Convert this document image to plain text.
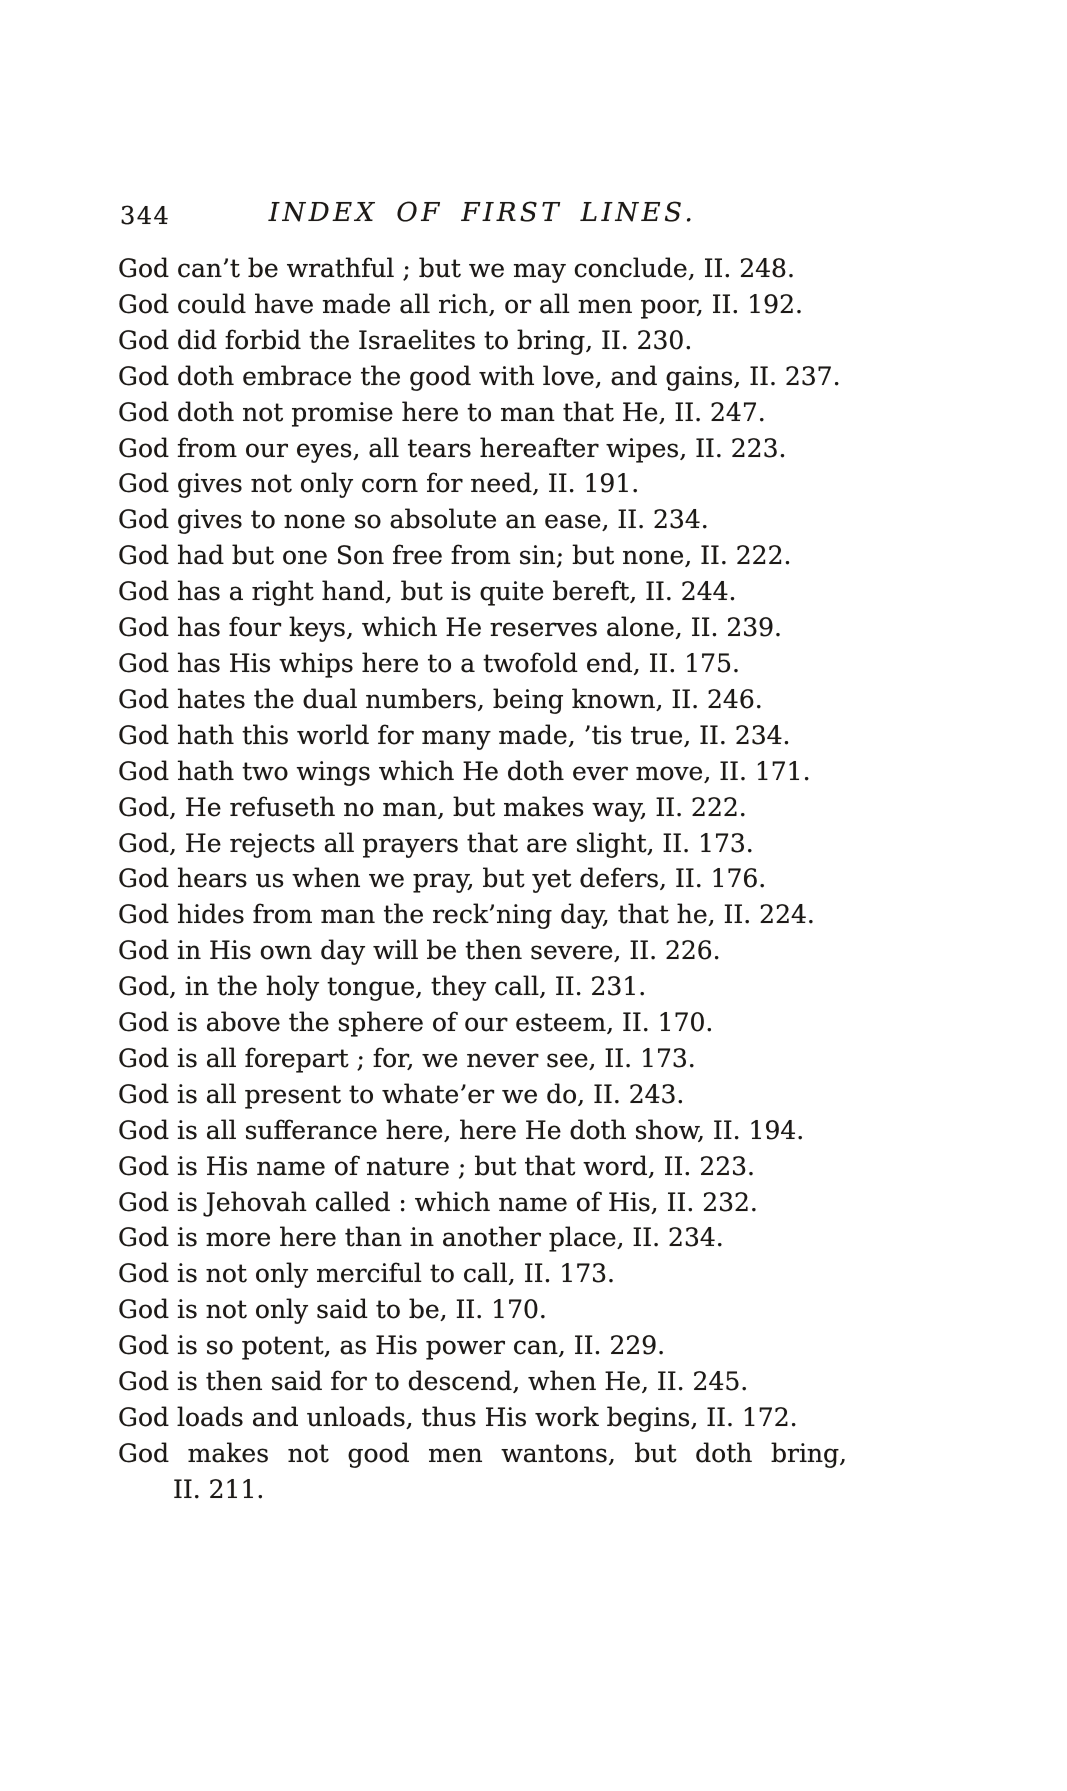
344	INDEX OF FIRST LINES.
God can’t be wrathful ; but we may conclude, II. 248.
God could have made all rich, or all men poor, II. 192.
God did forbid the Israelites to bring, II. 230.
God doth embrace the good with love, and gains, II. 237.
God doth not promise here to man that He, II. 247.
God from our eyes, all tears hereafter wipes, II. 223.
God gives not only corn for need, II. 191.
God gives to none so absolute an ease, II. 234.
God had but one Son free from sin; but none, II. 222.
God has a right hand, but is quite bereft, II. 244.
God has four keys, which He reserves alone, II. 239.
God has His whips here to a twofold end, II. 175.
God hates the dual numbers, being known, II. 246.
God hath this world for many made, ’tis true, II. 234.
God hath two wings which He doth ever move, II. 171.
God, He refuseth no man, but makes way, II. 222.
God, He rejects all prayers that are slight, II. 173.
God hears us when we pray, but yet defers, II. 176.
God hides from man the reck’ning day, that he, II. 224.
God in His own day will be then severe, II. 226.
God, in the holy tongue, they call, II. 231.
God is above the sphere of our esteem, II. 170.
God is all forepart ; for, we never see, II. 173.
God is all present to whate’er we do, II. 243.
God is all sufferance here, here He doth show, II. 194.
God is His name of nature ; but that word, II. 223.
God is Jehovah called : which name of His, II. 232.
God is more here than in another place, II. 234.
God is not only merciful to call, II. 173.
God is not only said to be, II. 170.
God is so potent, as His power can, II. 229.
God is then said for to descend, when He, II. 245.
God loads and unloads, thus His work begins, II. 172.
God makes not good men wantons, but doth bring,
II. 211.
